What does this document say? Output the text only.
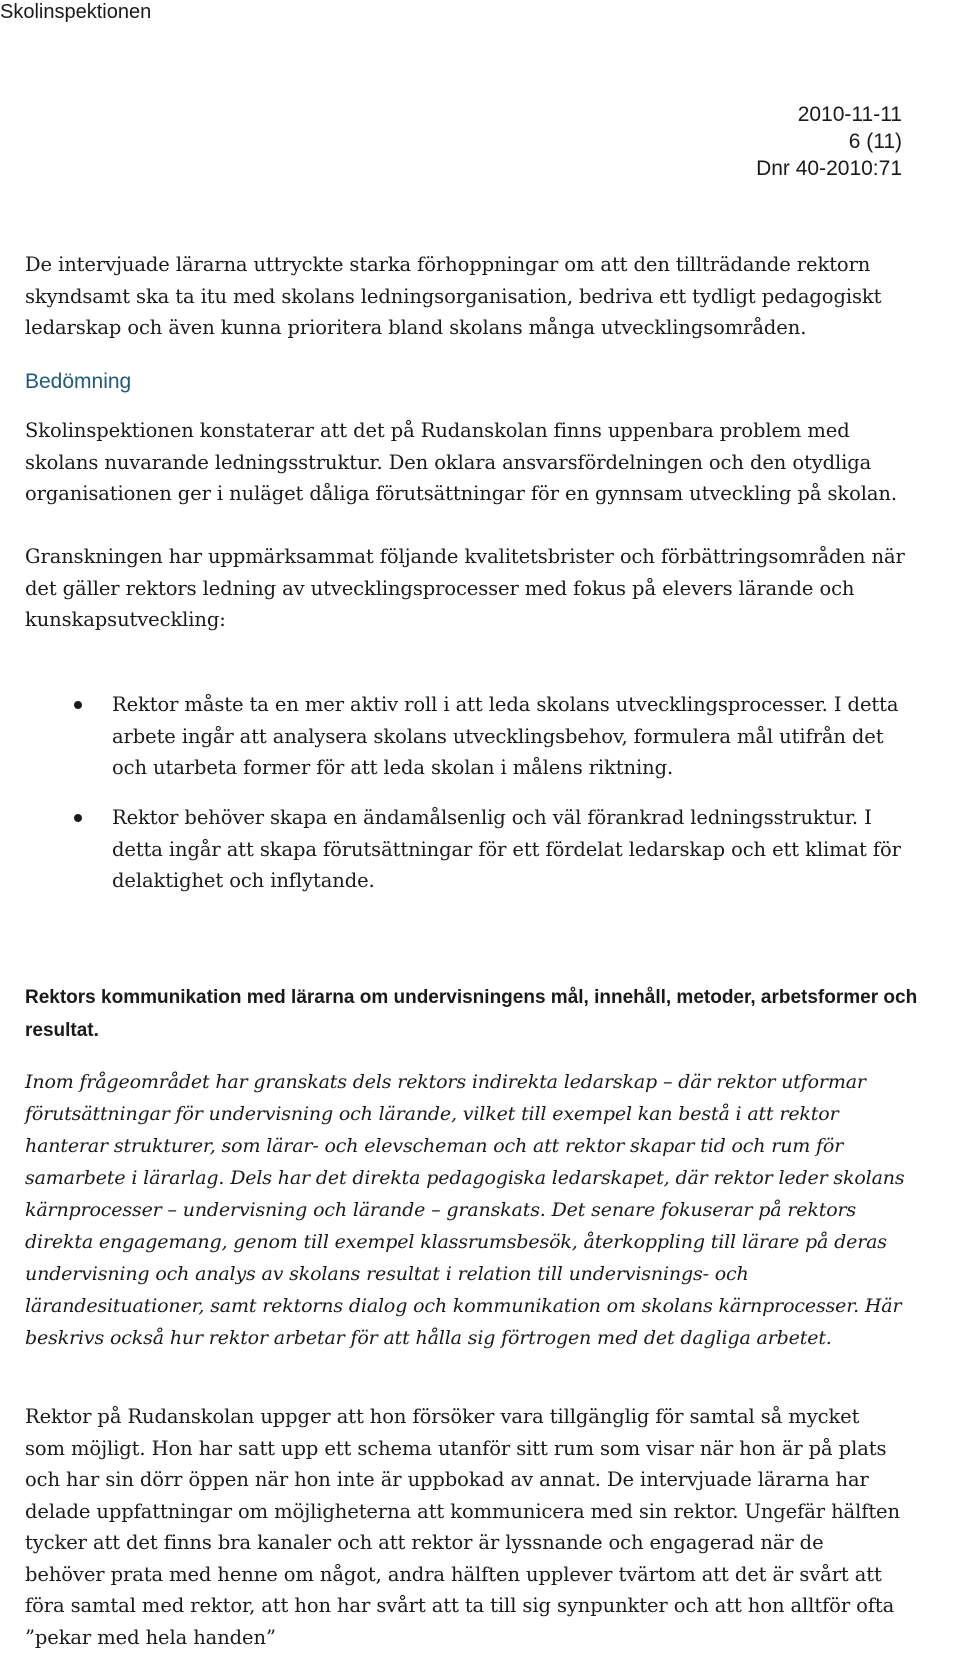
Skolinspektionen
2010-11-11
6 (11)
Dnr 40-2010:71

De intervjuade lärarna uttryckte starka förhoppningar om att den tillträdande rektorn skyndsamt ska ta itu med skolans ledningsorganisation, bedriva ett tydligt pedagogiskt ledarskap och även kunna prioritera bland skolans många utvecklingsområden.

Bedömning

Skolinspektionen konstaterar att det på Rudanskolan finns uppenbara problem med skolans nuvarande ledningsstruktur. Den oklara ansvarsfördelningen och den otydliga organisationen ger i nuläget dåliga förutsättningar för en gynnsam utveckling på skolan.

Granskningen har uppmärksammat följande kvalitetsbrister och förbättringsområden när det gäller rektors ledning av utvecklingsprocesser med fokus på elevers lärande och kunskapsutveckling:

Rektor måste ta en mer aktiv roll i att leda skolans utvecklingsprocesser. I detta arbete ingår att analysera skolans utvecklingsbehov, formulera mål utifrån det och utarbeta former för att leda skolan i målens riktning.
Rektor behöver skapa en ändamålsenlig och väl förankrad ledningsstruktur. I detta ingår att skapa förutsättningar för ett fördelat ledarskap och ett klimat för delaktighet och inflytande.
Rektors kommunikation med lärarna om undervisningens mål, innehåll, metoder, arbetsformer och resultat.

Inom frågeområdet har granskats dels rektors indirekta ledarskap – där rektor utformar förutsättningar för undervisning och lärande, vilket till exempel kan bestå i att rektor hanterar strukturer, som lärar- och elevscheman och att rektor skapar tid och rum för samarbete i lärarlag. Dels har det direkta pedagogiska ledarskapet, där rektor leder skolans kärnprocesser – undervisning och lärande – granskats. Det senare fokuserar på rektors direkta engagemang, genom till exempel klassrumsbesök, återkoppling till lärare på deras undervisning och analys av skolans resultat i relation till undervisnings- och lärandesituationer, samt rektorns dialog och kommunikation om skolans kärnprocesser. Här beskrivs också hur rektor arbetar för att hålla sig förtrogen med det dagliga arbetet.

Rektor på Rudanskolan uppger att hon försöker vara tillgänglig för samtal så mycket som möjligt. Hon har satt upp ett schema utanför sitt rum som visar när hon är på plats och har sin dörr öppen när hon inte är uppbokad av annat. De intervjuade lärarna har delade uppfattningar om möjligheterna att kommunicera med sin rektor. Ungefär hälften tycker att det finns bra kanaler och att rektor är lyssnande och engagerad när de behöver prata med henne om något, andra hälften upplever tvärtom att det är svårt att föra samtal med rektor, att hon har svårt att ta till sig synpunkter och att hon alltför ofta ”pekar med hela handen”
